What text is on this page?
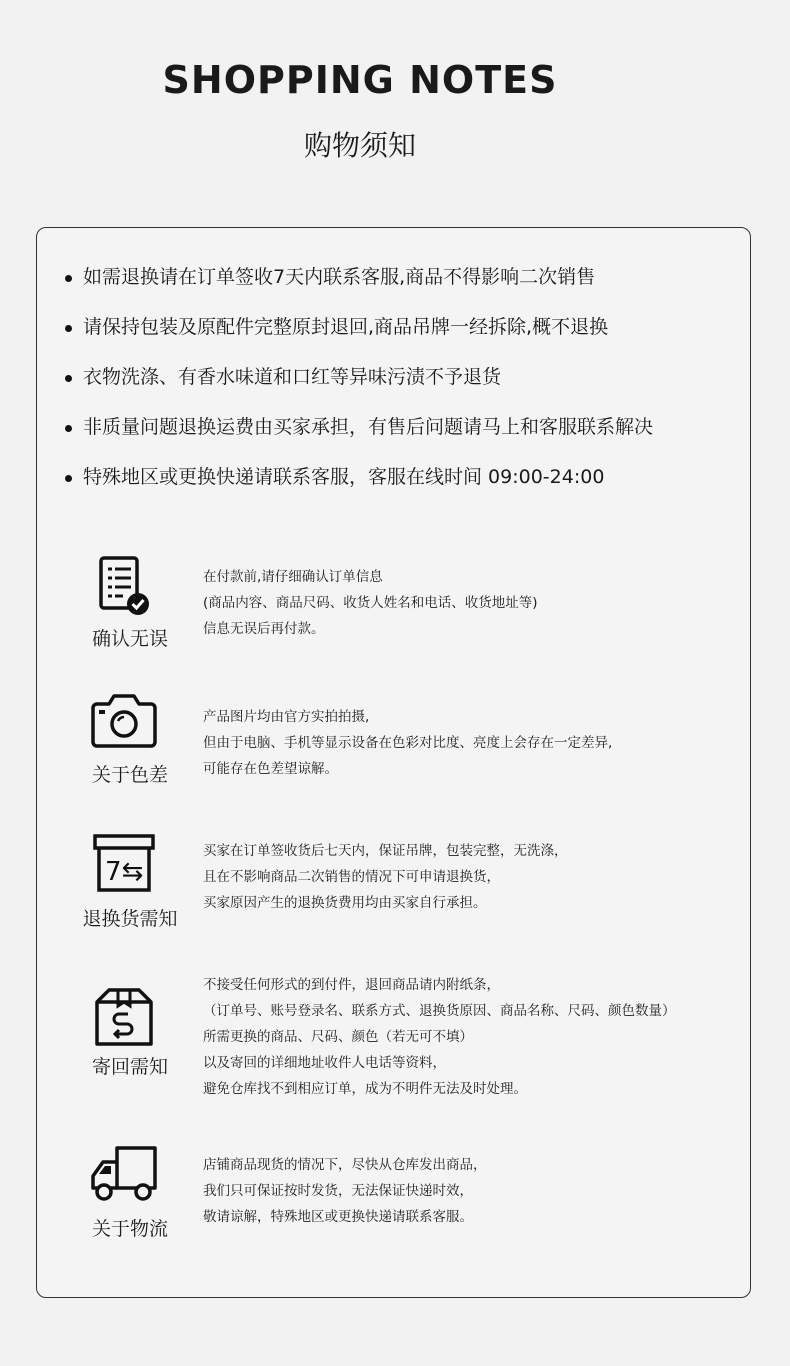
SHOPPING NOTES
购物须知
如需退换请在订单签收7天内联系客服,商品不得影响二次销售
请保持包装及原配件完整原封退回,商品吊牌一经拆除,概不退换
衣物洗涤、有香水味道和口红等异味污渍不予退货
非质量问题退换运费由买家承担，有售后问题请马上和客服联系解决
特殊地区或更换快递请联系客服，客服在线时间 09:00-24:00
确认无误
在付款前,请仔细确认订单信息
(商品内容、商品尺码、收货人姓名和电话、收货地址等)
信息无误后再付款。
关于色差
产品图片均由官方实拍拍摄,
但由于电脑、手机等显示设备在色彩对比度、亮度上会存在一定差异,
可能存在色差望谅解。
7⇆
退换货需知
买家在订单签收货后七天内，保证吊牌，包装完整，无洗涤，
且在不影响商品二次销售的情况下可申请退换货，
买家原因产生的退换货费用均由买家自行承担。
寄回需知
不接受任何形式的到付件，退回商品请内附纸条，
（订单号、账号登录名、联系方式、退换货原因、商品名称、尺码、颜色数量）
所需更换的商品、尺码、颜色（若无可不填）
以及寄回的详细地址收件人电话等资料，
避免仓库找不到相应订单，成为不明件无法及时处理。
关于物流
店铺商品现货的情况下，尽快从仓库发出商品，
我们只可保证按时发货，无法保证快递时效，
敬请谅解，特殊地区或更换快递请联系客服。
